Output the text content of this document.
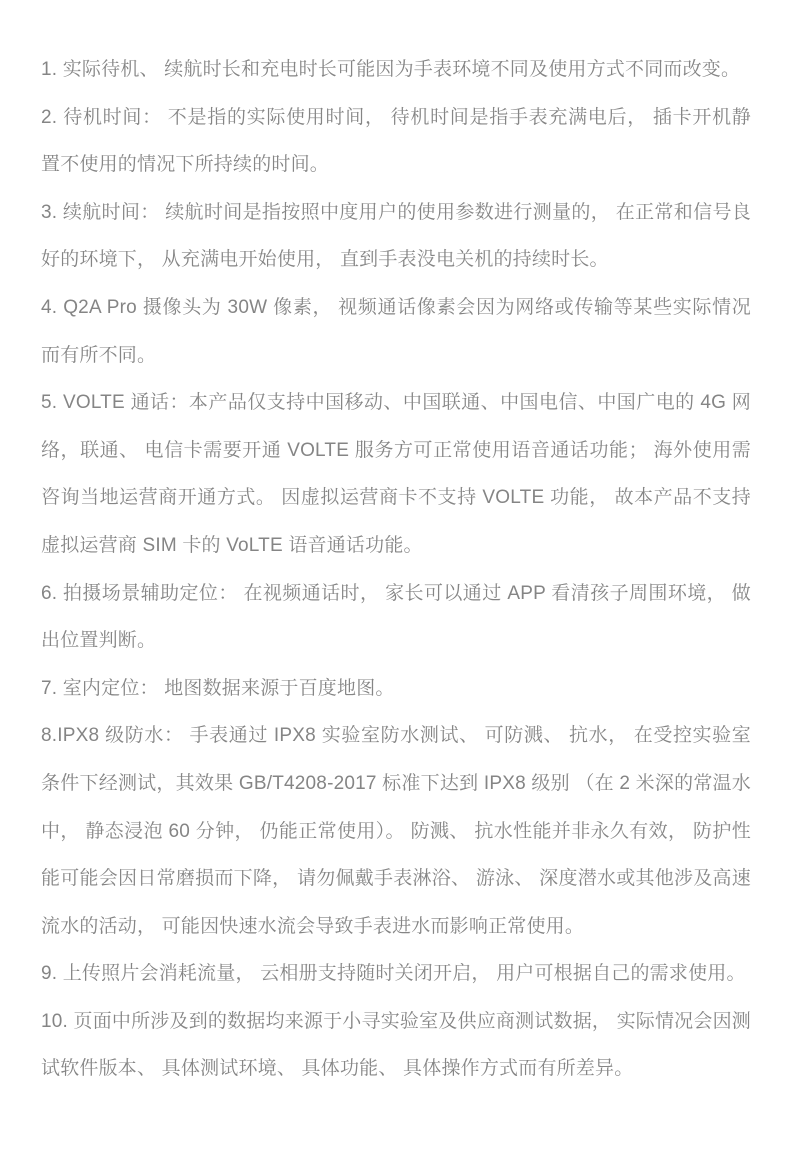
1. 实际待机、 续航时长和充电时长可能因为手表环境不同及使用方式不同而改变。

2. 待机时间： 不是指的实际使用时间， 待机时间是指手表充满电后， 插卡开机静置不使用的情况下所持续的时间。

3. 续航时间： 续航时间是指按照中度用户的使用参数进行测量的， 在正常和信号良好的环境下， 从充满电开始使用， 直到手表没电关机的持续时长。

4. Q2A Pro 摄像头为 30W 像素， 视频通话像素会因为网络或传输等某些实际情况而有所不同。

5. VOLTE 通话：本产品仅支持中国移动、中国联通、中国电信、中国广电的 4G 网络，联通、 电信卡需要开通 VOLTE 服务方可正常使用语音通话功能； 海外使用需咨询当地运营商开通方式。 因虚拟运营商卡不支持 VOLTE 功能， 故本产品不支持虚拟运营商 SIM 卡的 VoLTE 语音通话功能。

6. 拍摄场景辅助定位： 在视频通话时， 家长可以通过 APP 看清孩子周围环境， 做出位置判断。

7. 室内定位： 地图数据来源于百度地图。

8.IPX8 级防水： 手表通过 IPX8 实验室防水测试、 可防溅、 抗水， 在受控实验室条件下经测试，其效果 GB/T4208-2017 标准下达到 IPX8 级别 （在 2 米深的常温水中， 静态浸泡 60 分钟， 仍能正常使用）。 防溅、 抗水性能并非永久有效， 防护性能可能会因日常磨损而下降， 请勿佩戴手表淋浴、 游泳、 深度潜水或其他涉及高速流水的活动， 可能因快速水流会导致手表进水而影响正常使用。

9. 上传照片会消耗流量， 云相册支持随时关闭开启， 用户可根据自己的需求使用。

10. 页面中所涉及到的数据均来源于小寻实验室及供应商测试数据， 实际情况会因测试软件版本、 具体测试环境、 具体功能、 具体操作方式而有所差异。
